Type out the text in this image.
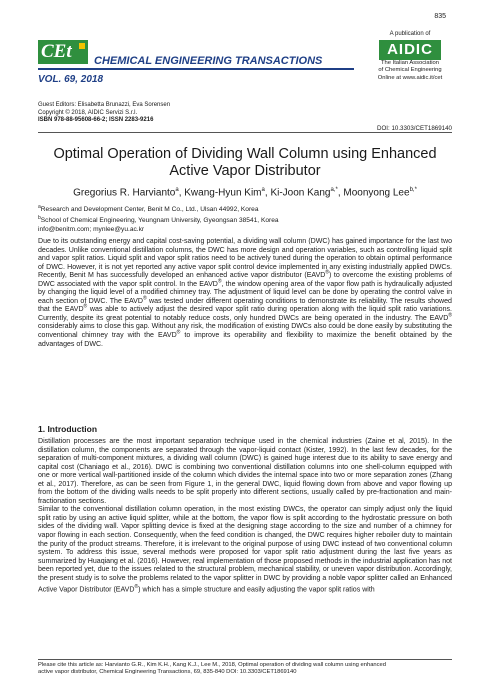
835
CEt CHEMICAL ENGINEERING TRANSACTIONS
VOL. 69, 2018
A publication of
AIDIC
The Italian Association
of Chemical Engineering
Online at www.aidic.it/cet
Guest Editors: Elisabetta Brunazzi, Eva Sorensen
Copyright © 2018, AIDIC Servizi S.r.l.
ISBN 978-88-95608-66-2; ISSN 2283-9216
DOI: 10.3303/CET1869140
Optimal Operation of Dividing Wall Column using Enhanced
Active Vapor Distributor
Gregorius R. Harvianto$^a$, Kwang-Hyun Kim$^a$, Ki-Joon Kang$^{a,*}$, Moonyong Lee$^{b,*}$
$^a$Research and Development Center, Benit M Co., Ltd., Ulsan 44992, Korea
$^b$School of Chemical Engineering, Yeungnam University, Gyeongsan 38541, Korea
info@benitm.com; mynlee@yu.ac.kr
Due to its outstanding energy and capital cost-saving potential, a dividing wall column (DWC) has gained importance for the last two decades. Unlike conventional distillation columns, the DWC has more design and operation variables, such as controlling liquid split and vapor split ratios. Liquid split and vapor split ratios need to be actively tuned during the operation to obtain optimal performance of DWC. However, it is not yet reported any active vapor split control device implemented in any existing industrially applied DWCs. Recently, Benit M has successfully developed an enhanced active vapor distributor (EAVD®) to overcome the existing problems of DWC associated with the vapor split control. In the EAVD®, the window opening area of the vapor flow path is hydraulically adjusted by changing the liquid level of a modified chimney tray. The adjustment of liquid level can be done by operating the control valve in each section of DWC. The EAVD® was tested under different operating conditions to demonstrate its reliability. The results showed that the EAVD® was able to actively adjust the desired vapor split ratio during operation along with the liquid split ratio variations. Currently, despite its great potential to notably reduce costs, only hundred DWCs are being operated in the industry. The EAVD® considerably aims to close this gap. Without any risk, the modification of existing DWCs also could be done easily by substituting the conventional chimney tray with the EAVD® to improve its operability and flexibility to maximize the benefit obtained by the advantages of DWC.
1. Introduction

Distillation processes are the most important separation technique used in the chemical industries (Zaine et al, 2015). In the distillation column, the components are separated through the vapor-liquid contact (Kister, 1992). In the last few decades, for the separation of multi-component mixtures, a dividing wall column (DWC) is gained huge interest due to its ability to save energy and capital cost (Chaniago et al., 2016). DWC is combining two conventional distillation columns into one shell-column equipped with one or more vertical wall-partitioned inside of the column which divides the internal space into two or more separation zones (Zhang et al., 2017). Therefore, as can be seen from Figure 1, in the general DWC, liquid flowing down from above and vapor flowing up from the bottom of the dividing walls needs to be split properly into different sections, usually called by pre-fractionation and main-fractionation sections.

Similar to the conventional distillation column operation, in the most existing DWCs, the operator can simply adjust only the liquid split ratio by using an active liquid splitter, while at the bottom, the vapor flow is split according to the hydrostatic pressure on both sides of the dividing wall. Vapor splitting device is fixed at the designing stage according to the size and number of a chimney for vapor flowing in each section. Consequently, when the feed condition is changed, the DWC requires higher reboiler duty to maintain the purity of the product streams. Therefore, it is irrelevant to the original purpose of using DWC instead of two conventional column system. To address this issue, several methods were proposed for vapor split ratio adjustment during the last five years as summarized by Huaqiang et al. (2016). However, real implementation of those proposed methods in the industrial application has not been reported yet, due to the issues related to the structural problem, mechanical stability, or uneven vapor distribution. Accordingly, the present study is to solve the problems related to the vapor splitter in DWC by providing a noble vapor splitter called an Enhanced Active Vapor Distributor (EAVD®) which has a simple structure and easily adjusting the vapor split ratios with

Please cite this article as: Harvianto G.R., Kim K.H., Kang K.J., Lee M., 2018, Optimal operation of dividing wall column using enhanced
active vapor distributor, Chemical Engineering Transactions, 69, 835-840 DOI: 10.3303/CET1869140
